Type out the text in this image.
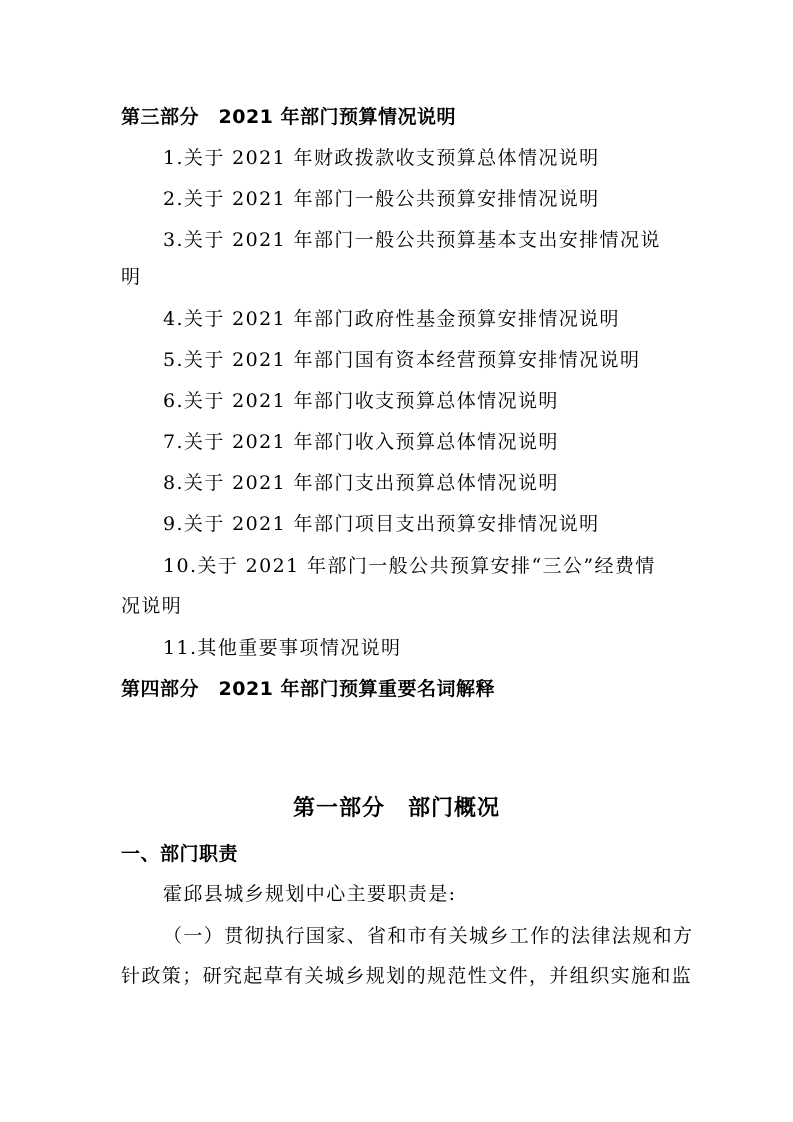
第三部分　2021 年部门预算情况说明
1.关于 2021 年财政拨款收支预算总体情况说明
2.关于 2021 年部门一般公共预算安排情况说明
3.关于 2021 年部门一般公共预算基本支出安排情况说
明
4.关于 2021 年部门政府性基金预算安排情况说明
5.关于 2021 年部门国有资本经营预算安排情况说明
6.关于 2021 年部门收支预算总体情况说明
7.关于 2021 年部门收入预算总体情况说明
8.关于 2021 年部门支出预算总体情况说明
9.关于 2021 年部门项目支出预算安排情况说明
10.关于 2021 年部门一般公共预算安排“三公”经费情
况说明
11.其他重要事项情况说明
第四部分　2021 年部门预算重要名词解释
第一部分　部门概况
一、部门职责
霍邱县城乡规划中心主要职责是:
（一）贯彻执行国家、省和市有关城乡工作的法律法规和方
针政策；研究起草有关城乡规划的规范性文件，并组织实施和监
